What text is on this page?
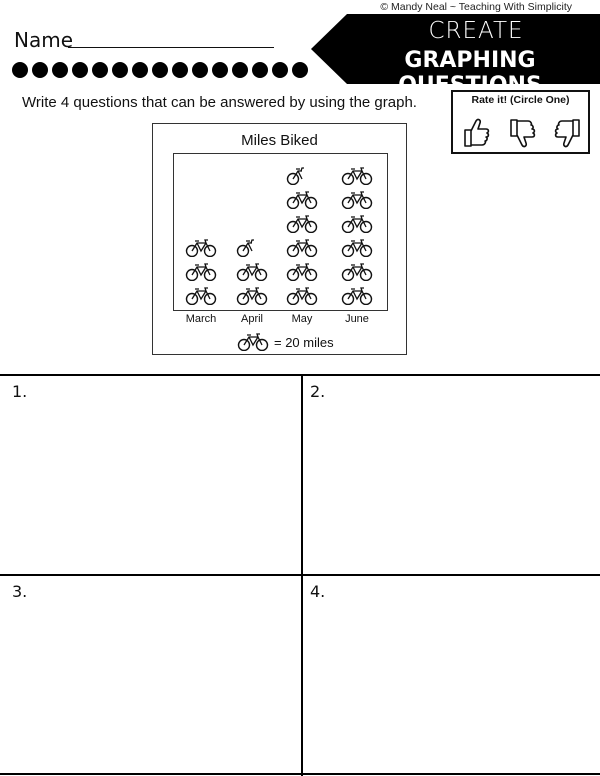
© Mandy Neal ~ Teaching With Simplicity
Name	CREATE
GRAPHING QUESTIONS
Write 4 questions that can be answered by using the graph.	Rate it! (Circle One)
Miles Biked
March	April	May	June
= 20 miles
1.	2.
3.	4.
